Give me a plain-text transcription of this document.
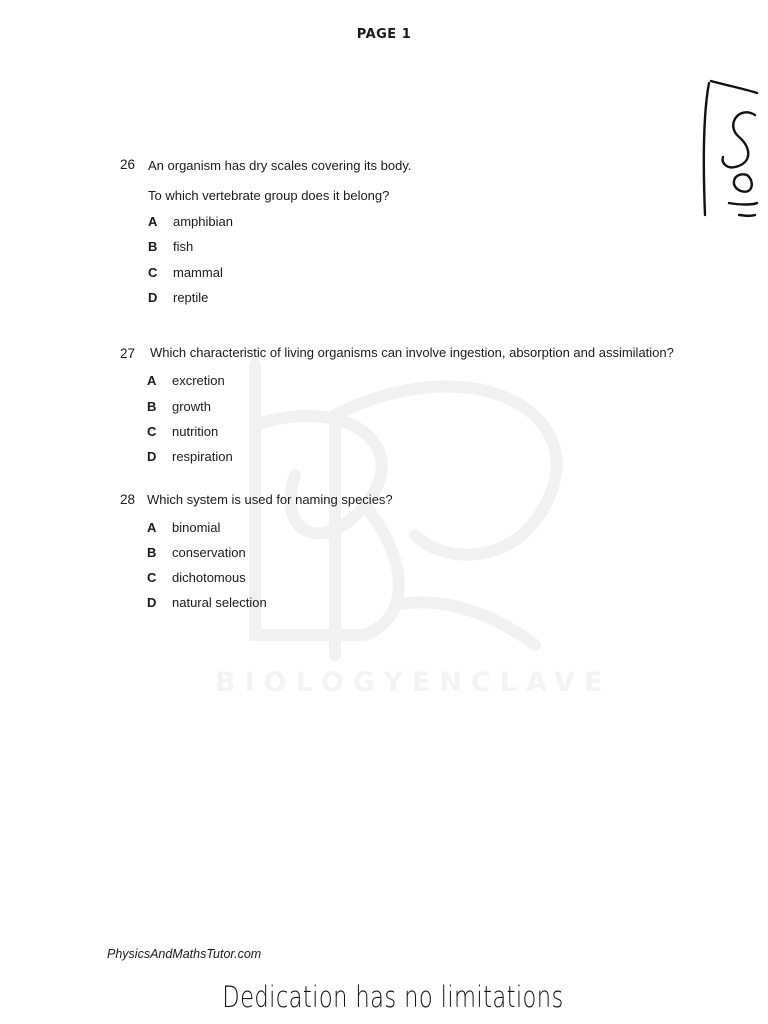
PAGE 1
BIOLOGYENCLAVE
26 An organism has dry scales covering its body.
To which vertebrate group does it belong?
A amphibian
B fish
C mammal
D reptile
27 Which characteristic of living organisms can involve ingestion, absorption and assimilation?
A excretion
B growth
C nutrition
D respiration
28 Which system is used for naming species?
A binomial
B conservation
C dichotomous
D natural selection
PhysicsAndMathsTutor.com
Dedication has no limitations
